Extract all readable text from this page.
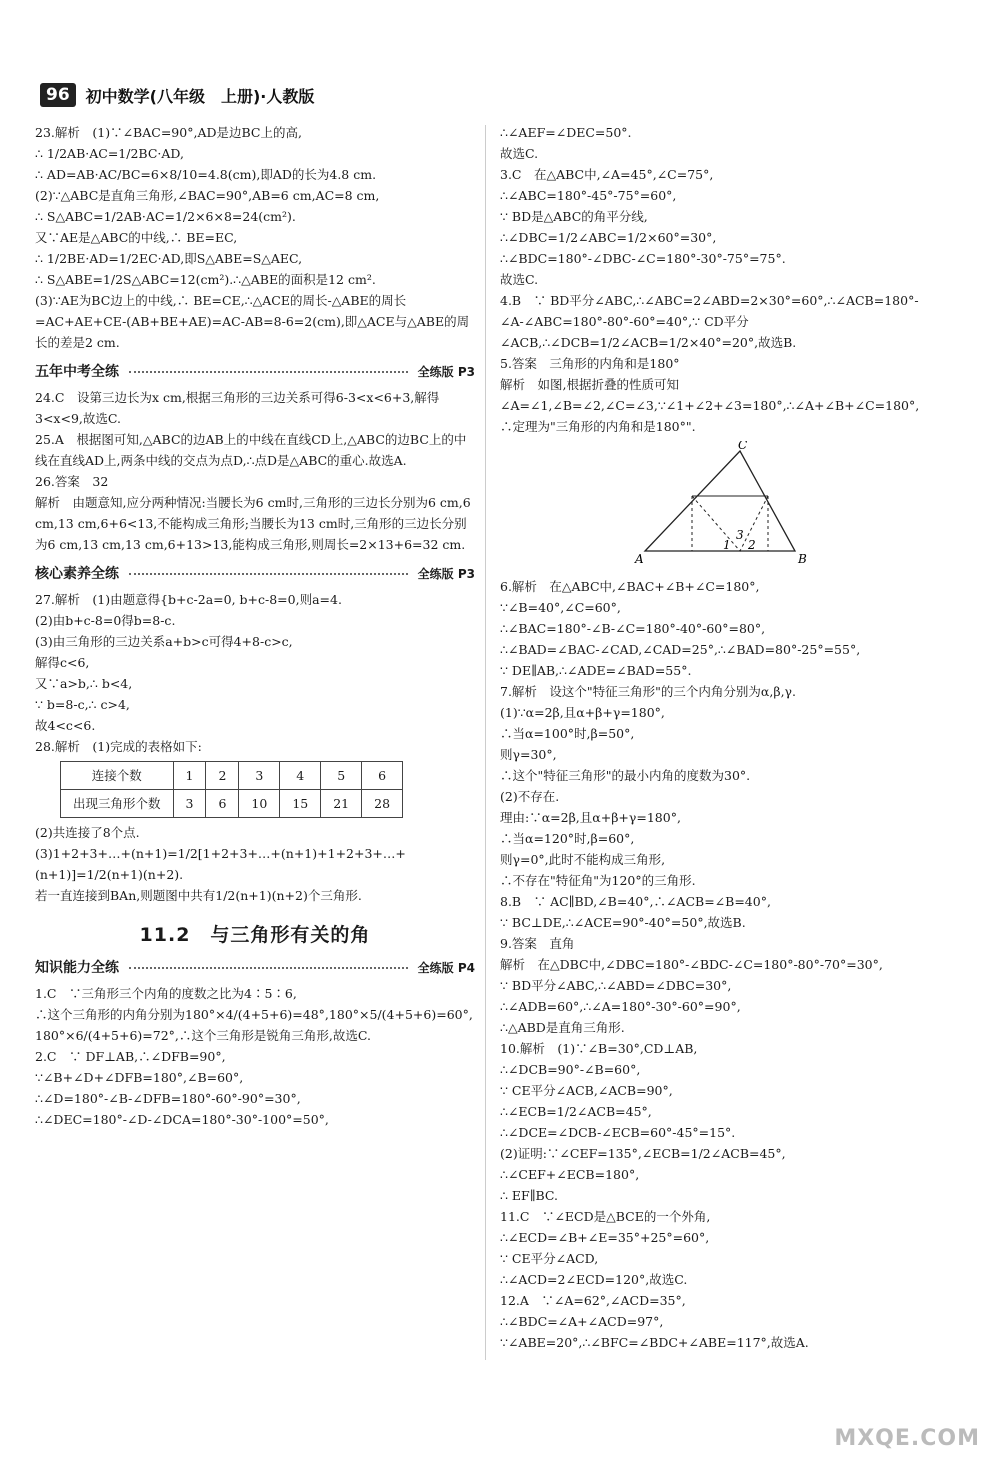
96	初中数学(八年级　上册)·人教版

23.解析　(1)∵∠BAC=90°,AD是边BC上的高,

∴ 1/2AB·AC=1/2BC·AD,

∴ AD=AB·AC/BC=6×8/10=4.8(cm),即AD的长为4.8 cm.

(2)∵△ABC是直角三角形,∠BAC=90°,AB=6 cm,AC=8 cm,

∴ S△ABC=1/2AB·AC=1/2×6×8=24(cm²).

又∵AE是△ABC的中线,∴ BE=EC,

∴ 1/2BE·AD=1/2EC·AD,即S△ABE=S△AEC,

∴ S△ABE=1/2S△ABC=12(cm²).∴△ABE的面积是12 cm².

(3)∵AE为BC边上的中线,∴ BE=CE,∴△ACE的周长-△ABE的周长=AC+AE+CE-(AB+BE+AE)=AC-AB=8-6=2(cm),即△ACE与△ABE的周长的差是2 cm.

五年中考全练	全练版 P3

24.C　设第三边长为x cm,根据三角形的三边关系可得6-3<x<6+3,解得3<x<9,故选C.

25.A　根据图可知,△ABC的边AB上的中线在直线CD上,△ABC的边BC上的中线在直线AD上,两条中线的交点为点D,∴点D是△ABC的重心.故选A.

26.答案　32

解析　由题意知,应分两种情况:当腰长为6 cm时,三角形的三边长分别为6 cm,6 cm,13 cm,6+6<13,不能构成三角形;当腰长为13 cm时,三角形的三边长分别为6 cm,13 cm,13 cm,6+13>13,能构成三角形,则周长=2×13+6=32 cm.

核心素养全练	全练版 P3

27.解析　(1)由题意得{b+c-2a=0, b+c-8=0,则a=4.

(2)由b+c-8=0得b=8-c.

(3)由三角形的三边关系a+b>c可得4+8-c>c,

解得c<6,

又∵a>b,∴ b<4,

∵ b=8-c,∴ c>4,

故4<c<6.

28.解析　(1)完成的表格如下:

连接个数	1	2	3	4	5	6
出现三角形个数	3	6	10	15	21	28

(2)共连接了8个点.

(3)1+2+3+…+(n+1)=1/2[1+2+3+…+(n+1)+1+2+3+…+(n+1)]=1/2(n+1)(n+2).

若一直连接到BAn,则题图中共有1/2(n+1)(n+2)个三角形.

11.2　与三角形有关的角
知识能力全练	全练版 P4

1.C　∵三角形三个内角的度数之比为4∶5∶6,

∴这个三角形的内角分别为180°×4/(4+5+6)=48°,180°×5/(4+5+6)=60°,

180°×6/(4+5+6)=72°,∴这个三角形是锐角三角形,故选C.

2.C　∵ DF⊥AB,∴∠DFB=90°,

∵∠B+∠D+∠DFB=180°,∠B=60°,

∴∠D=180°-∠B-∠DFB=180°-60°-90°=30°,

∴∠DEC=180°-∠D-∠DCA=180°-30°-100°=50°,

∴∠AEF=∠DEC=50°.

故选C.

3.C　在△ABC中,∠A=45°,∠C=75°,

∴∠ABC=180°-45°-75°=60°,

∵ BD是△ABC的角平分线,

∴∠DBC=1/2∠ABC=1/2×60°=30°,

∴∠BDC=180°-∠DBC-∠C=180°-30°-75°=75°.

故选C.

4.B　∵ BD平分∠ABC,∴∠ABC=2∠ABD=2×30°=60°,∴∠ACB=180°-∠A-∠ABC=180°-80°-60°=40°,∵ CD平分∠ACB,∴∠DCB=1/2∠ACB=1/2×40°=20°,故选B.

5.答案　三角形的内角和是180°

解析　如图,根据折叠的性质可知∠A=∠1,∠B=∠2,∠C=∠3,∵∠1+∠2+∠3=180°,∴∠A+∠B+∠C=180°,

∴定理为"三角形的内角和是180°".

A	B
C
1 2
3

6.解析　在△ABC中,∠BAC+∠B+∠C=180°,

∵∠B=40°,∠C=60°,

∴∠BAC=180°-∠B-∠C=180°-40°-60°=80°,

∴∠BAD=∠BAC-∠CAD,∠CAD=25°,∴∠BAD=80°-25°=55°,

∵ DE∥AB,∴∠ADE=∠BAD=55°.

7.解析　设这个"特征三角形"的三个内角分别为α,β,γ.

(1)∵α=2β,且α+β+γ=180°,

∴当α=100°时,β=50°,

则γ=30°,

∴这个"特征三角形"的最小内角的度数为30°.

(2)不存在.

理由:∵α=2β,且α+β+γ=180°,

∴当α=120°时,β=60°,

则γ=0°,此时不能构成三角形,

∴不存在"特征角"为120°的三角形.

8.B　∵ AC∥BD,∠B=40°,∴∠ACB=∠B=40°,

∵ BC⊥DE,∴∠ACE=90°-40°=50°,故选B.

9.答案　直角

解析　在△DBC中,∠DBC=180°-∠BDC-∠C=180°-80°-70°=30°,

∵ BD平分∠ABC,∴∠ABD=∠DBC=30°,

∴∠ADB=60°,∴∠A=180°-30°-60°=90°,

∴△ABD是直角三角形.

10.解析　(1)∵∠B=30°,CD⊥AB,

∴∠DCB=90°-∠B=60°,

∵ CE平分∠ACB,∠ACB=90°,

∴∠ECB=1/2∠ACB=45°,

∴∠DCE=∠DCB-∠ECB=60°-45°=15°.

(2)证明:∵∠CEF=135°,∠ECB=1/2∠ACB=45°,

∴∠CEF+∠ECB=180°,

∴ EF∥BC.

11.C　∵∠ECD是△BCE的一个外角,

∴∠ECD=∠B+∠E=35°+25°=60°,

∵ CE平分∠ACD,

∴∠ACD=2∠ECD=120°,故选C.

12.A　∵∠A=62°,∠ACD=35°,

∴∠BDC=∠A+∠ACD=97°,

∵∠ABE=20°,∴∠BFC=∠BDC+∠ABE=117°,故选A.

MXQE.COM
